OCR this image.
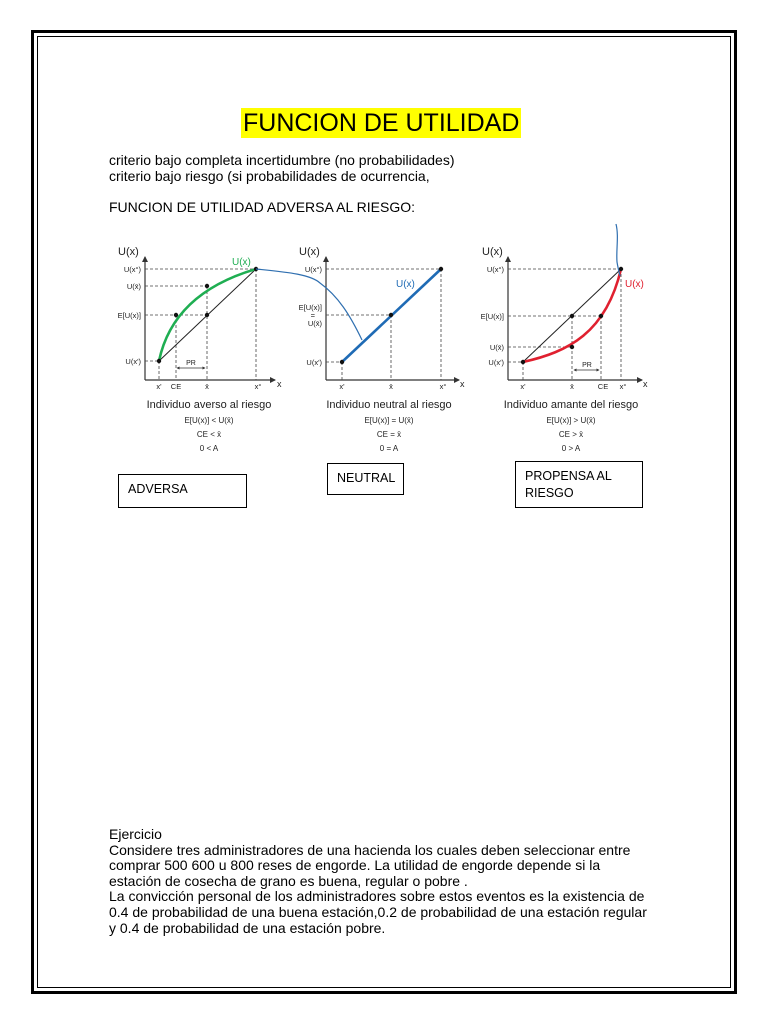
FUNCION DE UTILIDAD
criterio bajo completa incertidumbre (no probabilidades)
criterio bajo riesgo (si probabilidades de ocurrencia,
FUNCION DE UTILIDAD ADVERSA AL RIESGO:
U(x)
x
U(x)
U(x°)
U(x̄)
E[U(x)]
U(x')
x' CE	x̄	x°
PR
Individuo averso al riesgo
E[U(x)] < U(x̄)
CE < x̄
0 < A
U(x)
x
U(x)
U(x°)
E[U(x)]
=
U(x̄)
U(x')
x'	x̄	x°
Individuo neutral al riesgo
E[U(x)] = U(x̄)
CE = x̄
0 = A
U(x)
x
U(x)
U(x°)
E[U(x)]
U(x̄)
U(x')
x'	x̄	CE x°
PR
Individuo amante del riesgo
E[U(x)] > U(x̄)
CE > x̄
0 > A
ADVERSA
NEUTRAL	PROPENSA AL
RIESGO
Ejercicio
Considere tres administradores de una hacienda los cuales deben seleccionar entre
comprar 500 600 u 800 reses de engorde. La utilidad de engorde depende si la
estación de cosecha de grano es buena, regular o pobre .
La convicción personal de los administradores sobre estos eventos es la existencia de
0.4 de probabilidad de una buena estación,0.2 de probabilidad de una estación regular
y 0.4 de probabilidad de una estación pobre.
